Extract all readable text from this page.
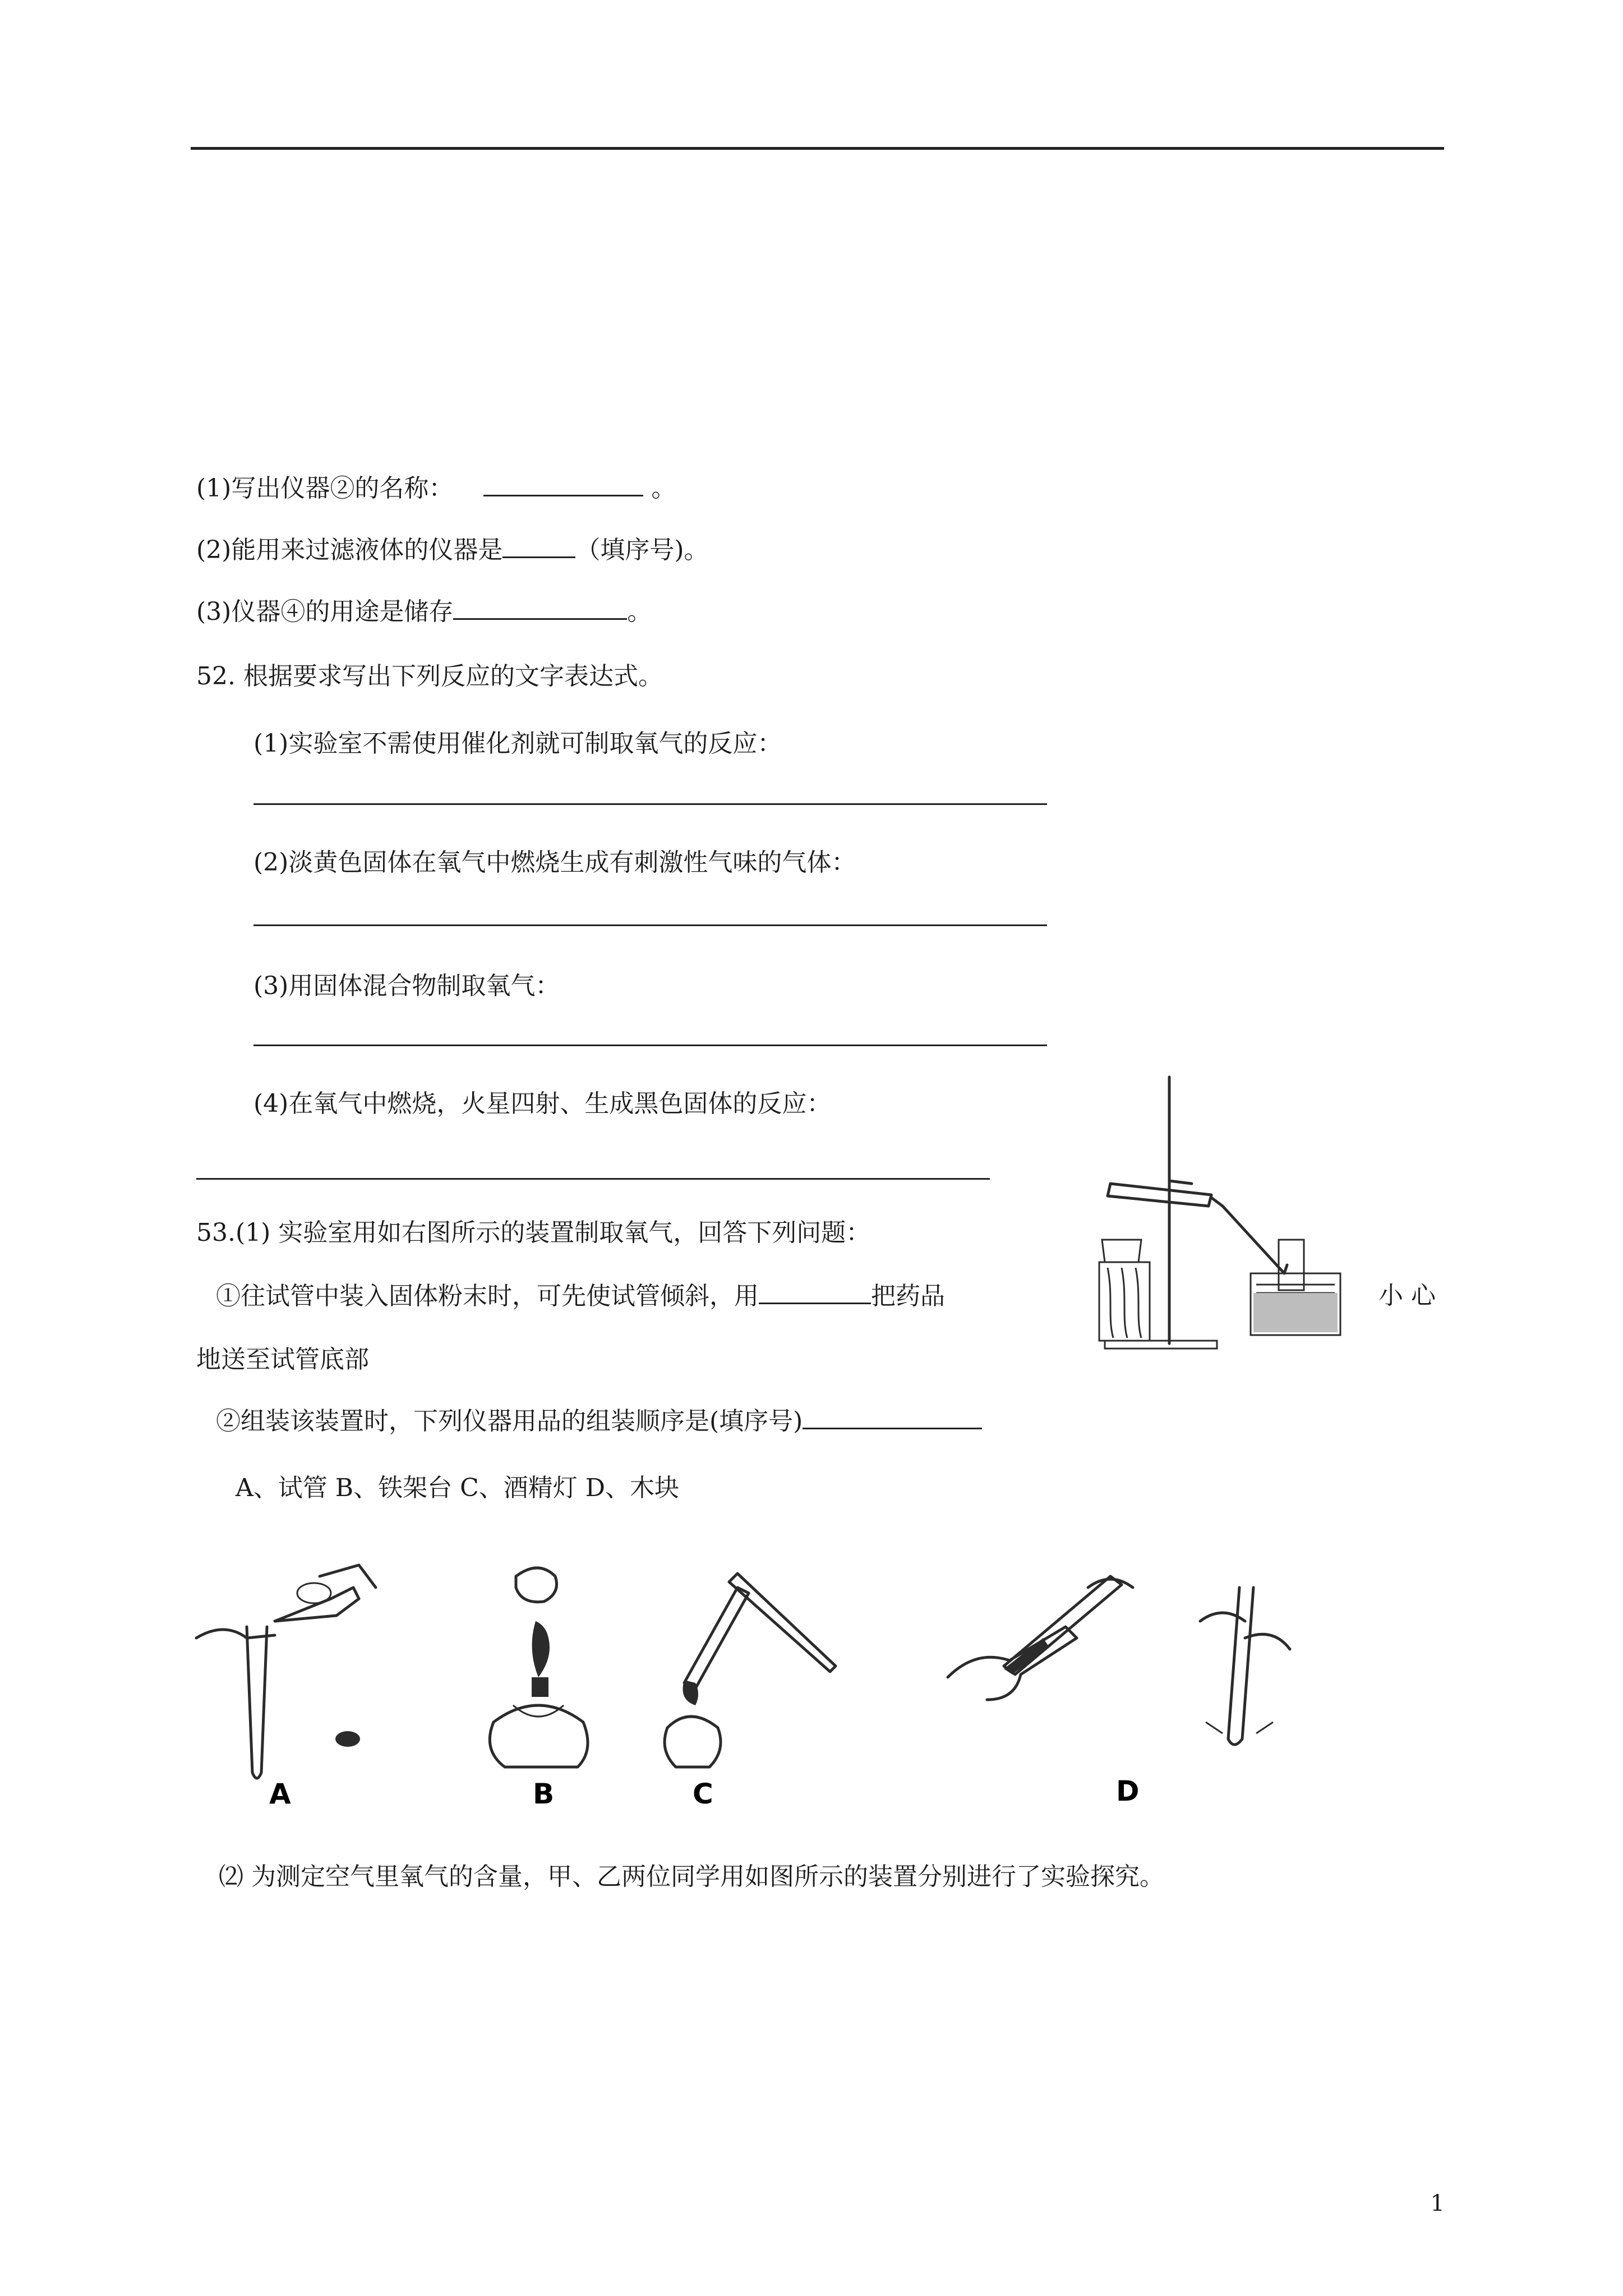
(1)写出仪器②的名称：	。
(2)能用来过滤液体的仪器是	（填序号)。
(3)仪器④的用途是储存	。
52. 根据要求写出下列反应的文字表达式。
(1)实验室不需使用催化剂就可制取氧气的反应：
(2)淡黄色固体在氧气中燃烧生成有刺激性气味的气体：
(3)用固体混合物制取氧气：
(4)在氧气中燃烧，火星四射、生成黑色固体的反应：
53.(1) 实验室用如右图所示的装置制取氧气，回答下列问题：
①往试管中装入固体粉末时，可先使试管倾斜，用	把药品	小 心
地送至试管底部
②组装该装置时，下列仪器用品的组装顺序是(填序号)
A、试管 B、铁架台 C、酒精灯 D、木块
A	B	C	D
⑵ 为测定空气里氧气的含量，甲、乙两位同学用如图所示的装置分别进行了实验探究。
1
